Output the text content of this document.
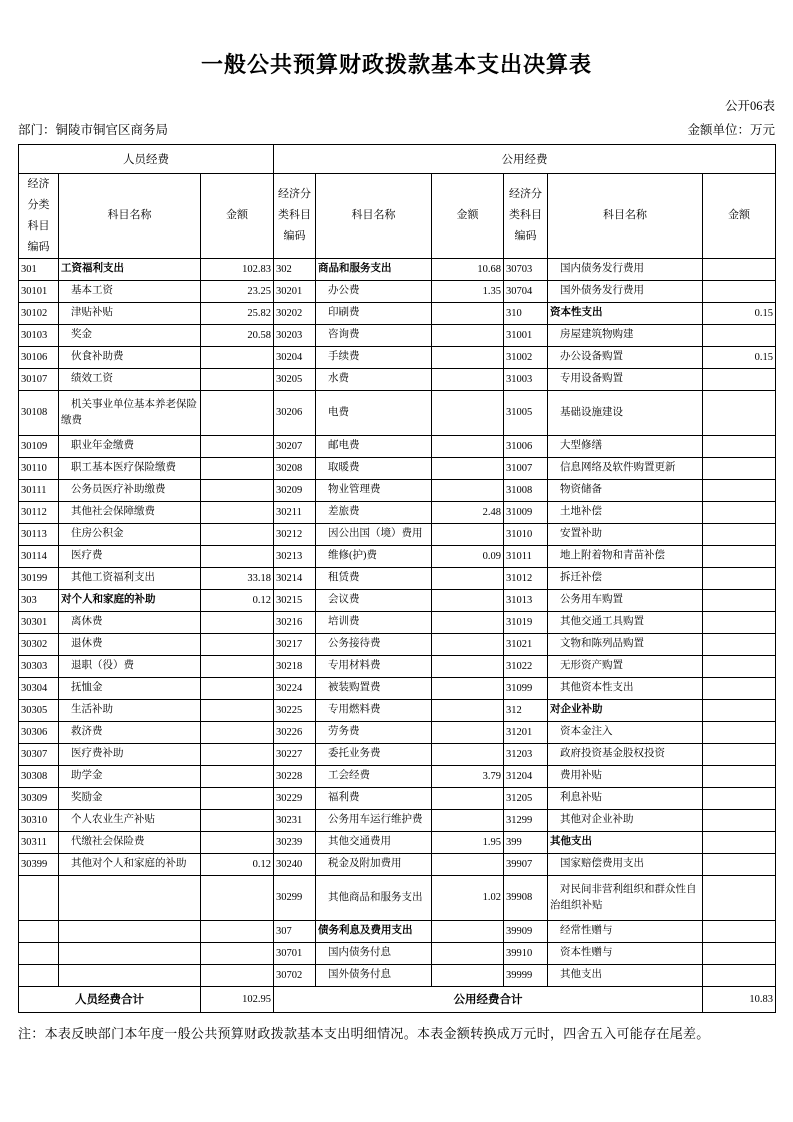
一般公共预算财政拨款基本支出决算表
公开06表
部门：铜陵市铜官区商务局	金额单位：万元
人员经费			公用经费					
经济分类科目编码	科目名称	金额	经济分类科目编码	科目名称	金额	经济分类科目编码	科目名称	金额
301	工资福利支出	102.83	302	商品和服务支出	10.68	30703	国内债务发行费用	

30101	基本工资	23.25	30201	办公费	1.35	30704	国外债务发行费用	

30102	津贴补贴	25.82	30202	印刷费		310	资本性支出	0.15
30103	奖金	20.58	30203	咨询费		31001	房屋建筑物购建	

30106	伙食补助费		30204	手续费		31002	办公设备购置	0.15
30107	绩效工资		30205	水费		31003	专用设备购置	

30108	机关事业单位基本养老保险缴费		30206	电费		31005	基础设施建设	

30109	职业年金缴费		30207	邮电费		31006	大型修缮	

30110	职工基本医疗保险缴费		30208	取暖费		31007	信息网络及软件购置更新	

30111	公务员医疗补助缴费		30209	物业管理费		31008	物资储备	

30112	其他社会保障缴费		30211	差旅费	2.48	31009	土地补偿	

30113	住房公积金		30212	因公出国（境）费用		31010	安置补助	

30114	医疗费		30213	维修(护)费	0.09	31011	地上附着物和青苗补偿	

30199	其他工资福利支出	33.18	30214	租赁费		31012	拆迁补偿	

303	对个人和家庭的补助	0.12	30215	会议费		31013	公务用车购置	

30301	离休费		30216	培训费		31019	其他交通工具购置	

30302	退休费		30217	公务接待费		31021	文物和陈列品购置	

30303	退职（役）费		30218	专用材料费		31022	无形资产购置	

30304	抚恤金		30224	被装购置费		31099	其他资本性支出	

30305	生活补助		30225	专用燃料费		312	对企业补助	

30306	救济费		30226	劳务费		31201	资本金注入	

30307	医疗费补助		30227	委托业务费		31203	政府投资基金股权投资	

30308	助学金		30228	工会经费	3.79	31204	费用补贴	

30309	奖励金		30229	福利费		31205	利息补贴	

30310	个人农业生产补贴		30231	公务用车运行维护费		31299	其他对企业补助	

30311	代缴社会保险费		30239	其他交通费用	1.95	399	其他支出	

30399	其他对个人和家庭的补助	0.12	30240	税金及附加费用		39907	国家赔偿费用支出	

		30299	其他商品和服务支出	1.02	39908	对民间非营利组织和群众性自治组织补贴	

		307	债务利息及费用支出		39909	经常性赠与	

		30701	国内债务付息		39910	资本性赠与	

		30702	国外债务付息		39999	其他支出	

人员经费合计		102.95	公用经费合计					10.83
注：本表反映部门本年度一般公共预算财政拨款基本支出明细情况。本表金额转换成万元时，四舍五入可能存在尾差。
